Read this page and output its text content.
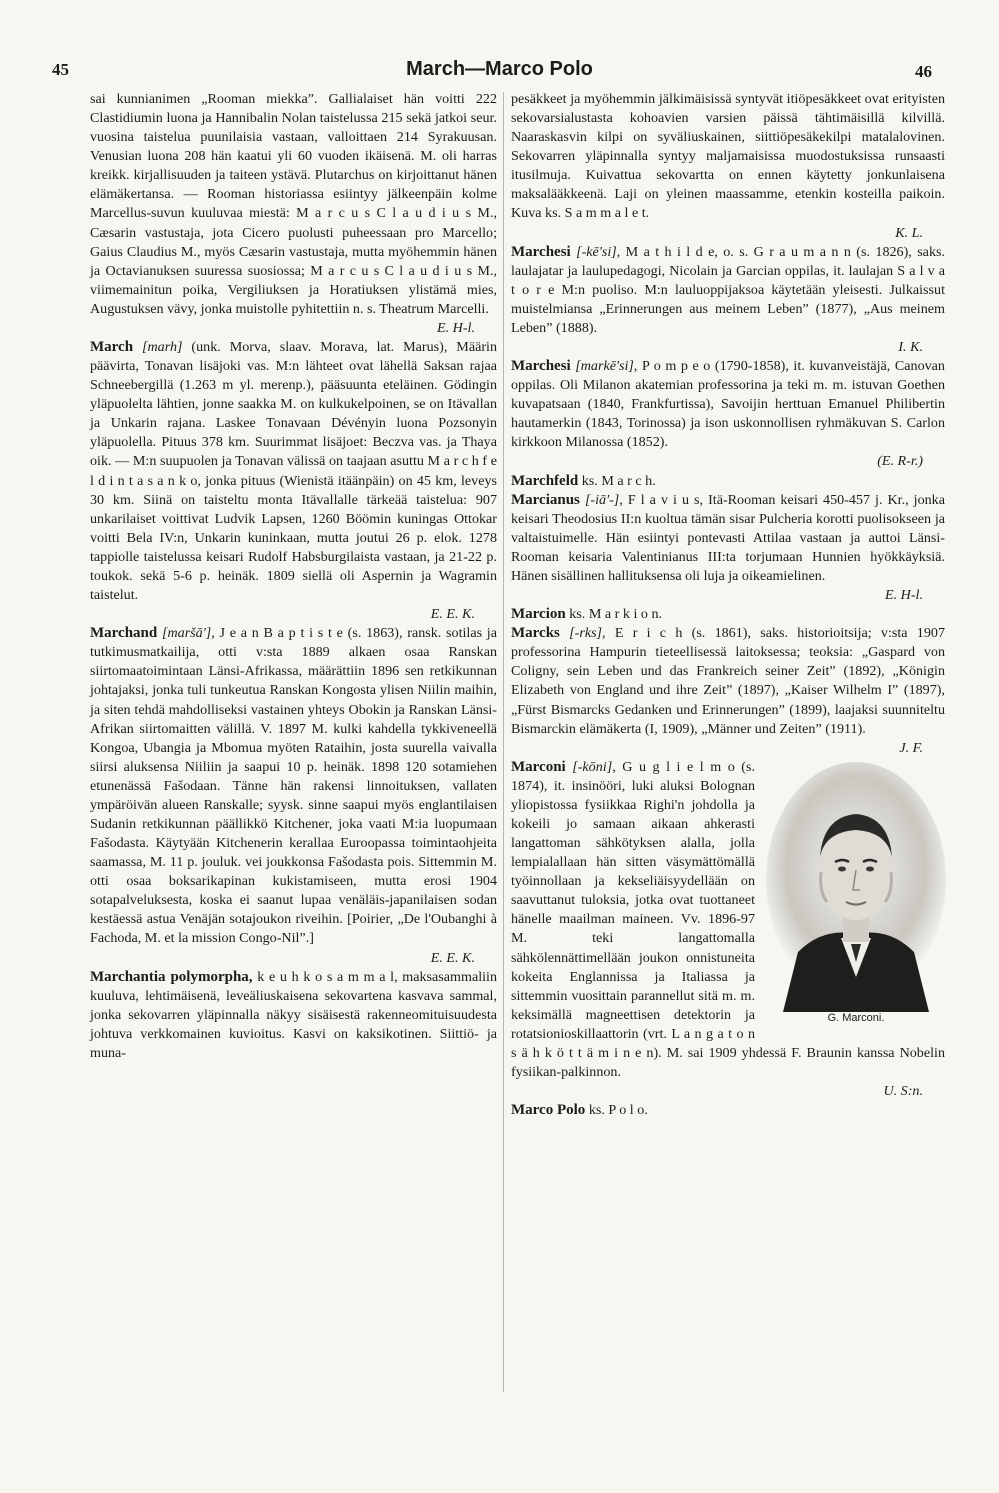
45	March—Marco Polo	46

sai kunnianimen „Rooman miekka”. Gallialaiset hän voitti 222 Clastidiumin luona ja Hannibalin Nolan taistelussa 215 sekä jatkoi seur. vuosina taistelua puunilaisia vastaan, valloittaen 214 Syrakuusan. Venusian luona 208 hän kaatui yli 60 vuoden ikäisenä. M. oli harras kreikk. kirjallisuuden ja taiteen ystävä. Plutarchus on kirjoittanut hänen elämäkertansa. — Rooman historiassa esiintyy jälkeenpäin kolme Marcellus-suvun kuuluvaa miestä: M a r c u s C l a u d i u s M., Cæsarin vastustaja, jota Cicero puolusti puheessaan pro Marcello; Gaius Claudius M., myös Cæsarin vastustaja, mutta myöhemmin hänen ja Octavianuksen suuressa suosiossa; M a r c u s C l a u d i u s M., viimemainitun poika, Vergiliuksen ja Horatiuksen ylistämä mies, Augustuksen vävy, jonka muistolle pyhitettiin n. s. Theatrum Marcelli.

E. H-l.

March [marh] (unk. Morva, slaav. Morava, lat. Marus), Määrin päävirta, Tonavan lisäjoki vas. M:n lähteet ovat lähellä Saksan rajaa Schneebergillä (1.263 m yl. merenp.), pääsuunta eteläinen. Gödingin yläpuolelta lähtien, jonne saakka M. on kulkukelpoinen, se on Itävallan ja Unkarin rajana. Laskee Tonavaan Dévényin luona Pozsonyin yläpuolella. Pituus 378 km. Suurimmat lisäjoet: Beczva vas. ja Thaya oik. — M:n suupuolen ja Tonavan välissä on taajaan asuttu M a r c h f e l d i n t a s a n k o, jonka pituus (Wienistä itäänpäin) on 45 km, leveys 30 km. Siinä on taisteltu monta Itävallalle tärkeää taistelua: 907 unkarilaiset voittivat Ludvik Lapsen, 1260 Böömin kuningas Ottokar voitti Bela IV:n, Unkarin kuninkaan, mutta joutui 26 p. elok. 1278 tappiolle taistelussa keisari Rudolf Habsburgilaista vastaan, ja 21-22 p. toukok. sekä 5-6 p. heinäk. 1809 siellä oli Aspernin ja Wagramin taistelut.

E. E. K.

Marchand [maršā'], J e a n B a p t i s t e (s. 1863), ransk. sotilas ja tutkimusmatkailija, otti v:sta 1889 alkaen osaa Ranskan siirtomaatoimintaan Länsi-Afrikassa, määrättiin 1896 sen retkikunnan johtajaksi, jonka tuli tunkeutua Ranskan Kongosta ylisen Niilin maihin, ja siten tehdä mahdolliseksi vastainen yhteys Obokin ja Ranskan Länsi-Afrikan siirtomaitten välillä. V. 1897 M. kulki kahdella tykkiveneellä Kongoa, Ubangia ja Mbomua myöten Rataihin, josta suurella vaivalla siirsi aluksensa Niiliin ja saapui 10 p. heinäk. 1898 120 sotamiehen etunenässä Fašodaan. Tänne hän rakensi linnoituksen, vallaten ympäröivän alueen Ranskalle; syysk. sinne saapui myös englantilaisen Sudanin retkikunnan päällikkö Kitchener, joka vaati M:ia luopumaan Fašodasta. Käytyään Kitchenerin kerallaa Euroopassa toimintaohjeita saamassa, M. 11 p. jouluk. vei joukkonsa Fašodasta pois. Sittemmin M. otti osaa boksarikapinan kukistamiseen, mutta erosi 1904 sotapalveluksesta, koska ei saanut lupaa venäläis-japanilaisen sodan kestäessä astua Venäjän sotajoukon riveihin. [Poirier, „De l'Oubanghi à Fachoda, M. et la mission Congo-Nil”.]

E. E. K.

Marchantia polymorpha, k e u h k o s a m m a l, maksasammaliin kuuluva, lehtimäisenä, leveäliuskaisena sekovartena kasvava sammal, jonka sekovarren yläpinnalla näkyy sisäisestä rakenneomituisuudesta johtuva verkkomainen kuvioitus. Kasvi on kaksikotinen. Siittiö- ja muna-

pesäkkeet ja myöhemmin jälkimäisissä syntyvät itiöpesäkkeet ovat erityisten sekovarsialustasta kohoavien varsien päissä tähtimäisillä kilvillä. Naaraskasvin kilpi on syväliuskainen, siittiöpesäkekilpi matalalovinen. Sekovarren yläpinnalla syntyy maljamaisissa muodostuksissa runsaasti itusilmuja. Kuivattua sekovartta on ennen käytetty jonkunlaisena maksalääkkeenä. Laji on yleinen maassamme, etenkin kosteilla paikoin. Kuva ks. S a m m a l e t.

K. L.

Marchesi [-kē'si], M a t h i l d e, o. s. G r a u m a n n (s. 1826), saks. laulajatar ja laulupedagogi, Nicolain ja Garcian oppilas, it. laulajan S a l v a t o r e M:n puoliso. M:n lauluoppijaksoa käytetään yleisesti. Julkaissut muistelmiansa „Erinnerungen aus meinem Leben” (1877), „Aus meinem Leben” (1888).

I. K.

Marchesi [markē'si], P o m p e o (1790-1858), it. kuvanveistäjä, Canovan oppilas. Oli Milanon akatemian professorina ja teki m. m. istuvan Goethen kuvapatsaan (1840, Frankfurtissa), Savoijin herttuan Emanuel Philibertin hautamerkin (1843, Torinossa) ja ison uskonnollisen ryhmäkuvan S. Carlon kirkkoon Milanossa (1852).

(E. R-r.)

Marchfeld ks. M a r c h.

Marcianus [-iā'-], F l a v i u s, Itä-Rooman keisari 450-457 j. Kr., jonka keisari Theodosius II:n kuoltua tämän sisar Pulcheria korotti puolisokseen ja valtaistuimelle. Hän esiintyi pontevasti Attilaa vastaan ja auttoi Länsi-Rooman keisaria Valentinianus III:ta torjumaan Hunnien hyökkäyksiä. Hänen sisällinen hallituksensa oli luja ja oikeamielinen.

E. H-l.

Marcion ks. M a r k i o n.

Marcks [-rks], E r i c h (s. 1861), saks. historioitsija; v:sta 1907 professorina Hampurin tieteellisessä laitoksessa; teoksia: „Gaspard von Coligny, sein Leben und das Frankreich seiner Zeit” (1892), „Königin Elizabeth von England und ihre Zeit” (1897), „Kaiser Wilhelm I” (1897), „Fürst Bismarcks Gedanken und Erinnerungen” (1899), laajaksi suunniteltu Bismarckin elämäkerta (I, 1909), „Männer und Zeiten” (1911).

J. F.

Marconi [-kōni]
G. Marconi.
, G u g l i e l m o (s. 1874), it. insinööri, luki aluksi Bolognan yliopistossa fysiikkaa Righi'n johdolla ja kokeili jo samaan aikaan ahkerasti langattoman sähkötyksen alalla, jolla lempialallaan hän sitten väsymättömällä työinnollaan ja kekseliäisyydellään on saavuttanut tuloksia, jotka ovat tuottaneet hänelle maailman maineen. Vv. 1896-97 M. teki langattomalla sähkölennättimellään joukon onnistuneita kokeita Englannissa ja Italiassa ja sittemmin vuosittain parannellut sitä m. m. keksimällä magneettisen detektorin ja rotatsionioskillaattorin (vrt. L a n g a t o n s ä h k ö t t ä m i n e n). M. sai 1909 yhdessä F. Braunin kanssa Nobelin fysiikan-palkinnon.

U. S:n.

Marco Polo ks. P o l o.
